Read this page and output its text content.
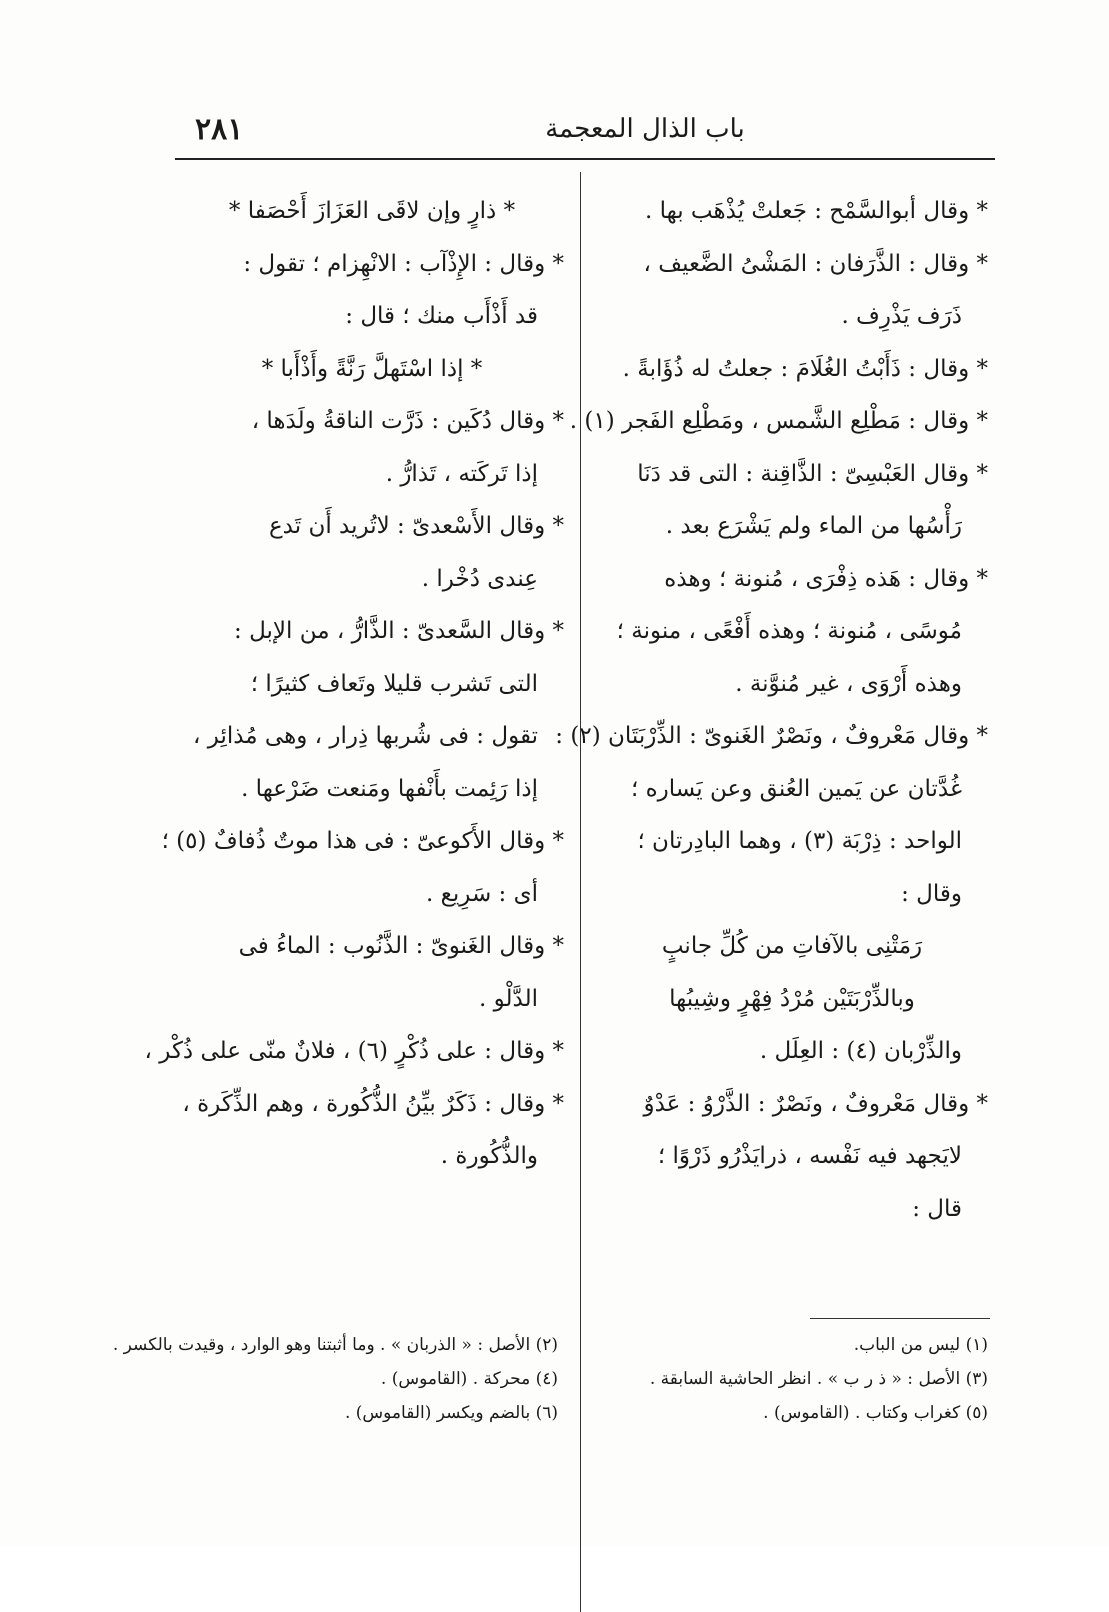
٢٨١	باب الذال المعجمة
* وقال أبوالسَّمْح : جَعلتْ يُذْهَب بها .
* وقال : الذَّرَفان : المَشْىُ الضَّعيف ،
ذَرَف يَذْرِف .
* وقال : ذَأَبْتُ الغُلَامَ : جعلتُ له ذُؤَابةً .
* وقال : مَطْلِع الشَّمس ، ومَطْلِع الفَجر (١) .
* وقال العَبْسِىّ : الذَّاقِنة : التى قد دَنَا
رَأْسُها من الماء ولم يَشْرَع بعد .
* وقال : هَذه ذِفْرَى ، مُنونة ؛ وهذه
مُوسًى ، مُنونة ؛ وهذه أَفْعًى ، منونة ؛
وهذه أَرْوَى ، غير مُنوَّنة .
* وقال مَعْروفٌ ، ونَصْرٌ الغَنوىّ : الذِّرْبَتَان (٢) :
غُدَّتان عن يَمين العُنق وعن يَساره ؛
الواحد : ذِرْبَة (٣) ، وهما البادِرتان ؛
وقال :
رَمَتْنِى بالآفاتِ من كُلِّ جانبٍ
وبالذِّرْبَتَيْن مُرْدُ فِهْرٍ وشِيبُها
والذِّرْبان (٤) : العِلَل .
* وقال مَعْروفٌ ، ونَصْرٌ : الذَّرْوُ : عَدْوٌ
لايَجهد فيه نَفْسه ، ذرايَذْرُو ذَرْوًا ؛
قال :
* ذارٍ وإن لاقَى العَزَازَ أَحْصَفا *
* وقال : الإِذْآب : الانْهِزام ؛ تقول :
قد أَذْأَب منك ؛ قال :
* إذا اسْتَهلَّ رَنَّةً وأَذْأَبا *
* وقال دُكَين : ذَرَّت الناقةُ ولَدَها ،
إذا تَركَته ، تَذارُّ .
* وقال الأَسْعدىّ : لاتُريد أَن تَدع
عِندى دُخْرا .
* وقال السَّعدىّ : الذَّارُّ ، من الإبل :
التى تَشرب قليلا وتَعاف كثيرًا ؛
تقول : فى شُربها ذِرار ، وهى مُذائِر ،
إذا رَئِمت بأَنْفها ومَنعت ضَرْعها .
* وقال الأَكوعىّ : فى هذا موتٌ ذُفافٌ (٥) ؛
أى : سَرِيع .
* وقال الغَنوىّ : الذَّنُوب : الماءُ فى
الدَّلْو .
* وقال : على ذُكْرٍ (٦) ، فلانٌ منّى على ذُكْر ،
* وقال : ذَكَرٌ بيِّنُ الذُّكُورة ، وهم الذِّكَرة ،
والذُّكُورة .
(١) ليس من الباب.
(٢) الأصل : « الذربان » . وما أثبتنا وهو الوارد ، وقيدت بالكسر .
(٣) الأصل : « ذ ر ب » . انظر الحاشية السابقة .
(٤) محركة . (القاموس) .
(٥) كغراب وكتاب . (القاموس) .
(٦) بالضم ويكسر (القاموس) .
